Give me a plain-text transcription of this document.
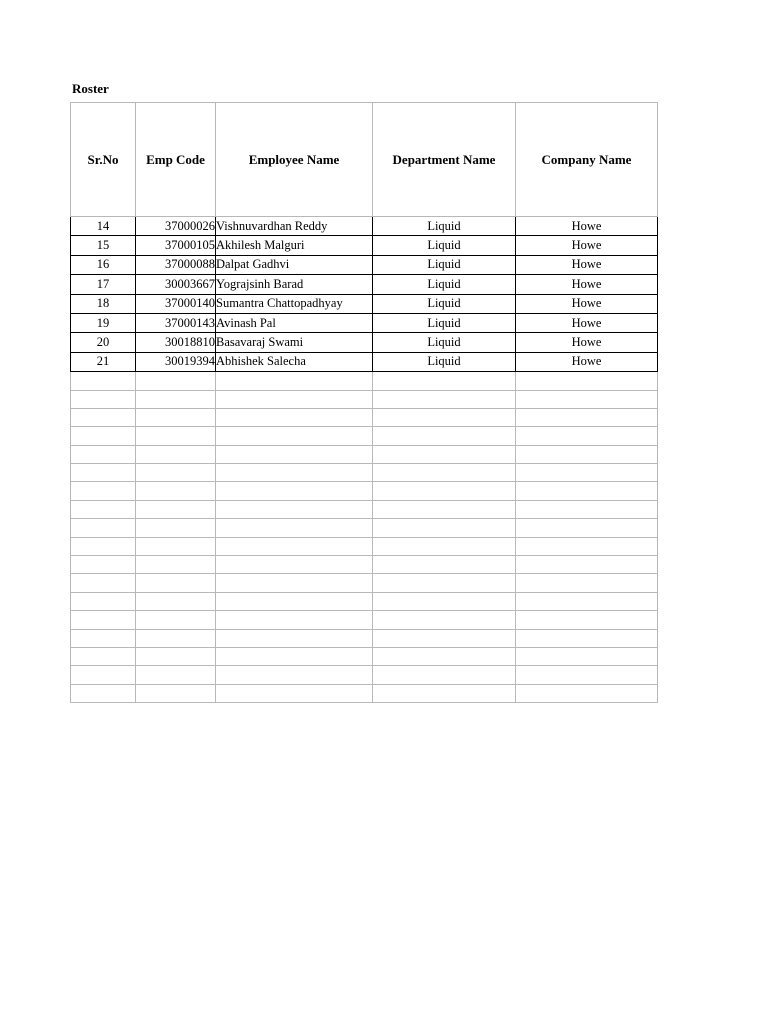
Roster
Sr.No	Emp Code	Employee Name	Department Name	Company Name
14	37000026	Vishnuvardhan Reddy	Liquid	Howe
15	37000105	Akhilesh Malguri	Liquid	Howe
16	37000088	Dalpat Gadhvi	Liquid	Howe
17	30003667	Yograjsinh Barad	Liquid	Howe
18	37000140	Sumantra Chattopadhyay	Liquid	Howe
19	37000143	Avinash Pal	Liquid	Howe
20	30018810	Basavaraj Swami	Liquid	Howe
21	30019394	Abhishek Salecha	Liquid	Howe
